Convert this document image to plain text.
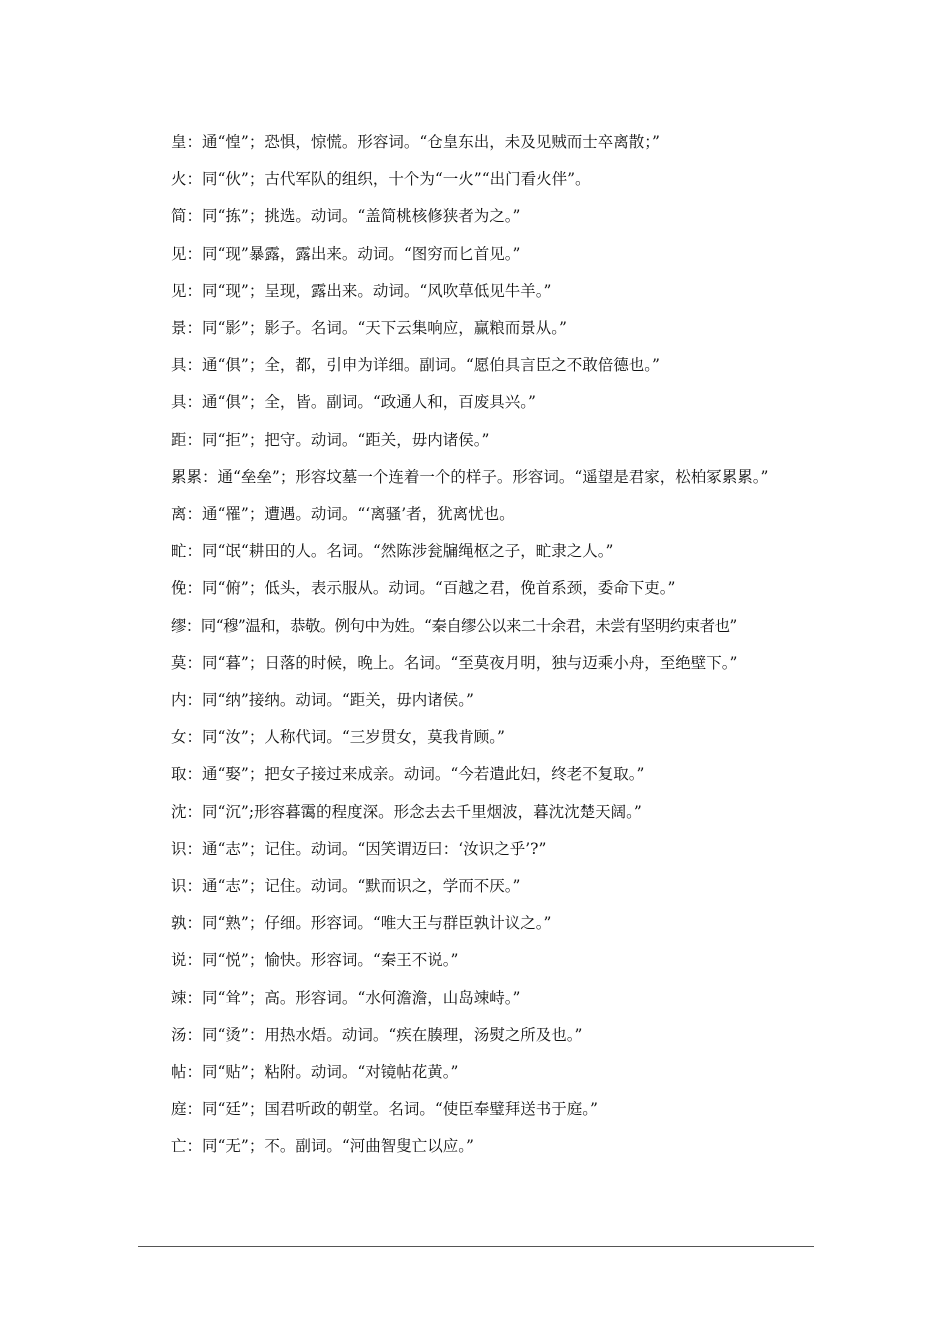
皇：通“惶”；恐惧，惊慌。形容词。“仓皇东出，未及见贼而士卒离散；”
火：同“伙”；古代军队的组织，十个为“一火”“出门看火伴”。
简：同“拣”；挑选。动词。“盖简桃核修狭者为之。”
见：同“现”暴露，露出来。动词。“图穷而匕首见。”
见：同“现”；呈现，露出来。动词。“风吹草低见牛羊。”
景：同“影”；影子。名词。“天下云集响应，赢粮而景从。”
具：通“俱”；全，都，引申为详细。副词。“愿伯具言臣之不敢倍德也。”
具：通“俱”；全，皆。副词。“政通人和，百废具兴。”
距：同“拒”；把守。动词。“距关，毋内诸侯。”
累累：通“垒垒”；形容坟墓一个连着一个的样子。形容词。“遥望是君家，松柏冢累累。”
离：通“罹”；遭遇。动词。“‘离骚’者，犹离忧也。
甿：同“氓“耕田的人。名词。“然陈涉瓮牖绳枢之子，甿隶之人。”
俛：同“俯”；低头，表示服从。动词。“百越之君，俛首系颈，委命下吏。”
缪：同“穆”温和，恭敬。例句中为姓。“秦自缪公以来二十余君，未尝有坚明约束者也”
莫：同“暮”；日落的时候，晚上。名词。“至莫夜月明，独与迈乘小舟，至绝壁下。”
内：同“纳”接纳。动词。“距关，毋内诸侯。”
女：同“汝”；人称代词。“三岁贯女，莫我肯顾。”
取：通“娶”；把女子接过来成亲。动词。“今若遣此妇，终老不复取。”
沈：同“沉”;形容暮霭的程度深。形念去去千里烟波，暮沈沈楚天阔。”
识：通“志”；记住。动词。“因笑谓迈曰：‘汝识之乎’?”
识：通“志”；记住。动词。“默而识之，学而不厌。”
孰：同“熟”；仔细。形容词。“唯大王与群臣孰计议之。”
说：同“悦”；愉快。形容词。“秦王不说。”
竦：同“耸”；高。形容词。“水何澹澹，山岛竦峙。”
汤：同“烫”：用热水焐。动词。“疾在腠理，汤熨之所及也。”
帖：同“贴”；粘附。动词。“对镜帖花黄。”
庭：同“廷”；国君听政的朝堂。名词。“使臣奉璧拜送书于庭。”
亡：同“无”；不。副词。“河曲智叟亡以应。”
